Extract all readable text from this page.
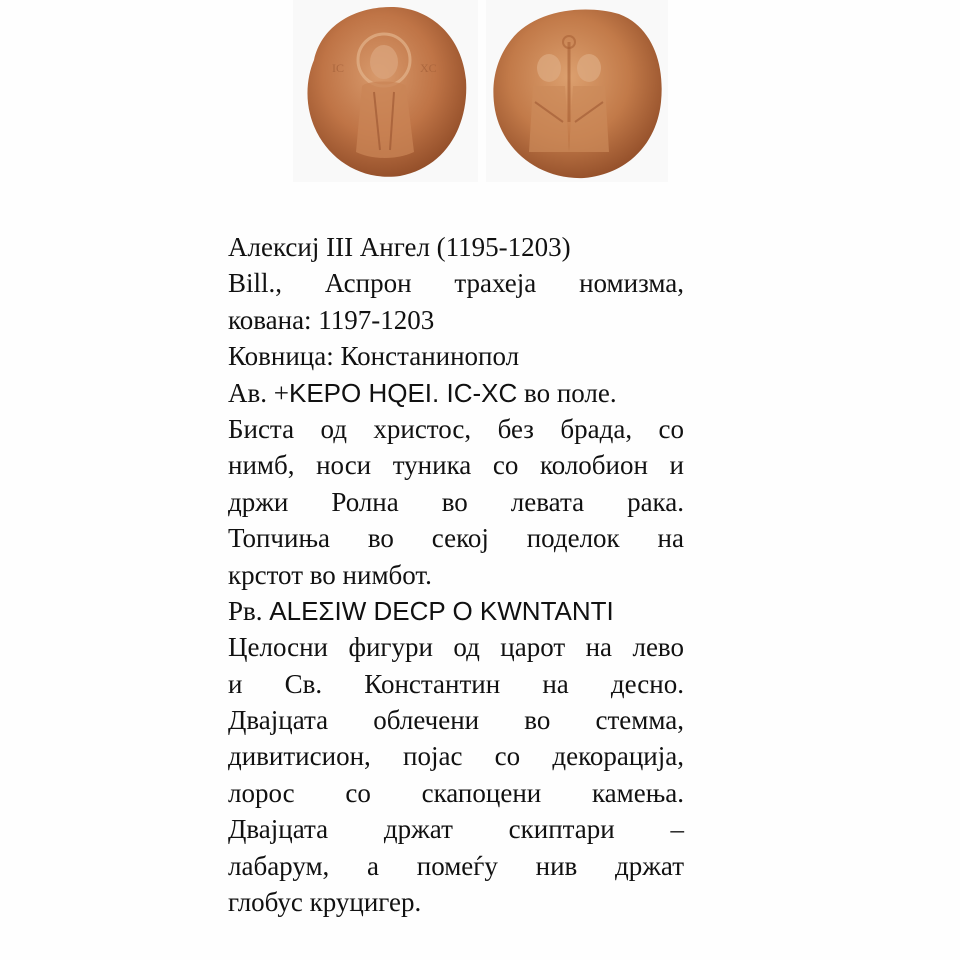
IC	XC
Алексиј III Ангел (1195-1203)
Bill., Аспрон трахеја номизма,
кована: 1197-1203
Ковница: Констанинопол
Ав. +KEPO HQEI. IC-XC во поле.
Биста од христос, без брада, со
нимб, носи туника со колобион и
држи Ролна во левата рака.
Топчиња во секој поделок на
крстот во нимбот.
Рв. ALEΣIW DECP O KWNTANTI
Целосни фигури од царот на лево
и Св. Константин на десно.
Двајцата облечени во стемма,
дивитисион, појас со декорација,
лорос со скапоцени камења.
Двајцата држат скиптари –
лабарум, а помеѓу нив држат
глобус круцигер.
